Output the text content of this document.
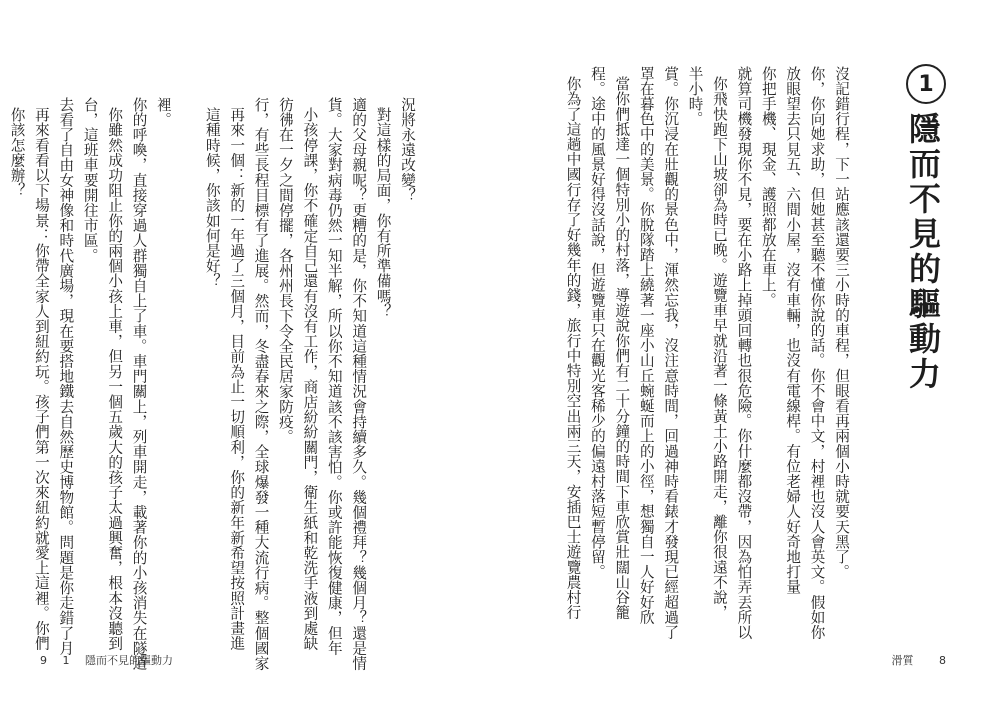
況將永遠改變？
對這樣的局面，你有所準備嗎？
適的父母親呢？更糟的是，你不知道這種情況會持續多久。幾個禮拜？幾個月？還是情
貨。大家對病毒仍然一知半解，所以你不知道該不該害怕。你或許能恢復健康，但年
小孩停課，你不確定自己還有沒有工作，商店紛紛關門，衛生紙和乾洗手液到處缺
彷彿在一夕之間停擺，各州州長下令全民居家防疫。
行，有些長程目標有了進展。然而，冬盡春來之際，全球爆發一種大流行病。整個國家
再來一個：新的一年過了三個月，目前為止一切順利，你的新年新希望按照計畫進
這種時候，你該如何是好？

裡。
你的呼喚，直接穿過人群獨自上了車。車門關上，列車開走，載著你的小孩消失在隧道
你雖然成功阻止你的兩個小孩上車，但另一個五歲大的孩子太過興奮，根本沒聽到
台，這班車要開往市區。
去看了自由女神像和時代廣場，現在要搭地鐵去自然歷史博物館。問題是你走錯了月
再來看看以下場景：你帶全家人到紐約玩。孩子們第一次來紐約就愛上這裡。你們
你該怎麼辦？

9 1 隱而不見的驅動力
1
隱而不見的驅動力

沒記錯行程，下一站應該還要三小時的車程，但眼看再兩個小時就要天黑了。
你，你向她求助，但她甚至聽不懂你說的話。你不會中文，村裡也沒人會英文。假如你
放眼望去只見五、六間小屋，沒有車輛，也沒有電線桿。有位老婦人好奇地打量
你把手機、現金、護照都放在車上。
就算司機發現你不見，要在小路上掉頭回轉也很危險。你什麼都沒帶，因為怕弄丟所以
你飛快跑下山坡卻為時已晚。遊覽車早就沿著一條黃土小路開走，離你很遠不說，
半小時。
賞。你沉浸在壯觀的景色中，渾然忘我，沒注意時間，回過神時看錶才發現已經超過了
罩在暮色中的美景。你脫隊踏上繞著一座小山丘蜿蜒而上的小徑，想獨自一人好好欣
當你們抵達一個特別小的村落，導遊說你們有二十分鐘的時間下車欣賞壯闊山谷籠
程。途中的風景好得沒話說，但遊覽車只在觀光客稀少的偏遠村落短暫停留。
你為了這趟中國行存了好幾年的錢，旅行中特別空出兩三天，安插巴士遊覽農村行

滑質 8
